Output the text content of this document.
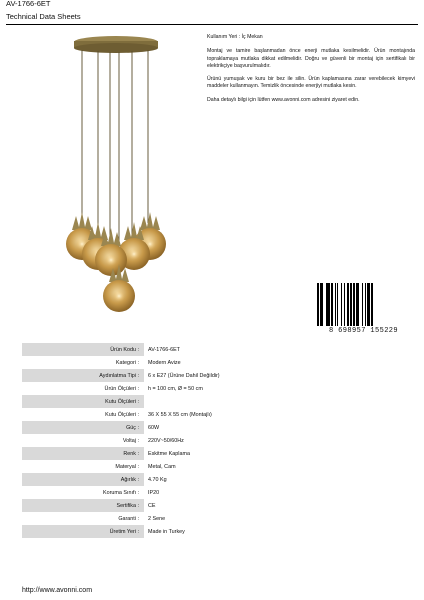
AV-1766-6ET
Technical Data Sheets

Kullanım Yeri : İç Mekan

Montaj ve tamire başlanmadan önce enerji mutlaka kesilmelidir. Ürün montajında topraklamaya mutlaka dikkat edilmelidir. Doğru ve güvenli bir montaj için sertifikalı bir elektrikçiye başvurulmalıdır.

Ürünü yumuşak ve kuru bir bez ile silin. Ürün kaplamasına zarar verebilecek kimyevi maddeler kullanmayın. Temizlik öncesinde enerjiyi mutlaka kesin.

Daha detaylı bilgi için lütfen www.avonni.com adresini ziyaret edin.

8 698957 155229
Ürün Kodu :	AV-1766-6ET
Kategori :	Modern Avize
Aydınlatma Tipi :	6 x E27 (Ürüne Dahil Değildir)
Ürün Ölçüleri :	h = 100 cm, Ø = 50 cm
Kutu Ölçüleri :	
Kutu Ölçüleri :	36 X 55 X 55 cm (Montajlı)
Güç :	60W
Voltaj :	220V~50/60Hz
Renk :	Eskitme Kaplama
Materyal :	Metal, Cam
Ağırlık :	4.70 Kg
Koruma Sınıfı :	IP20
Sertifika :	CE
Garanti :	2 Sene
Üretim Yeri :	Made in Turkey
http://www.avonni.com
